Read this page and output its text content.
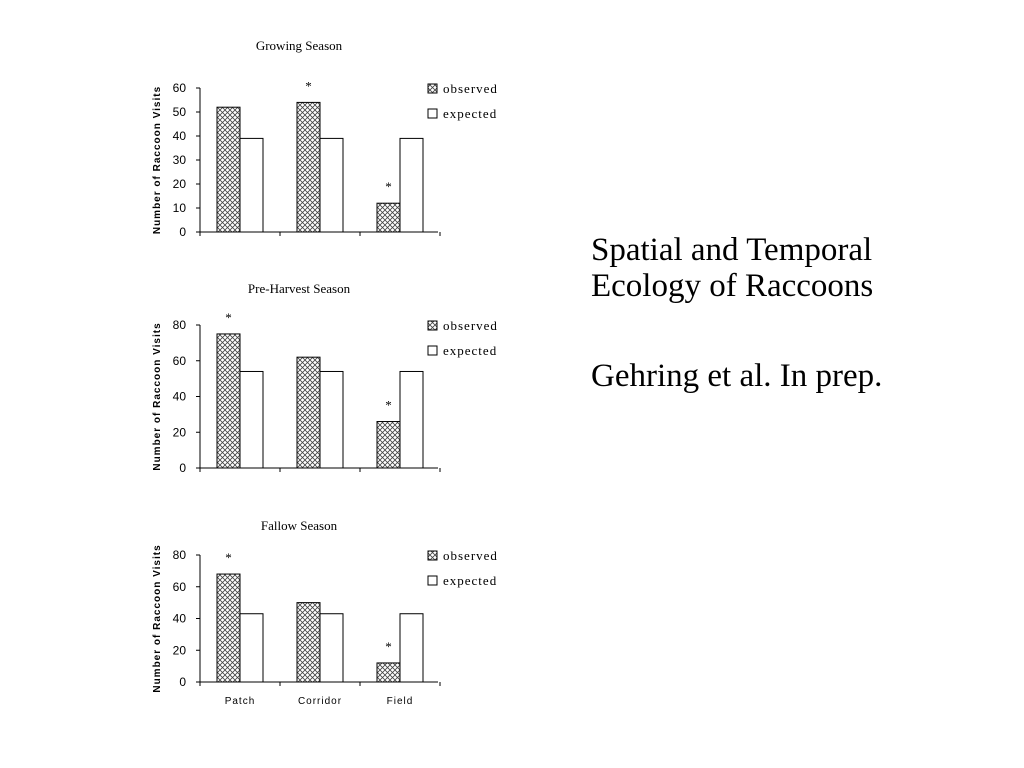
Growing Season
Number of Raccoon Visits 0
10
20
30
40
50
60	*
*
observed
expected
Pre-Harvest Season
Number of Raccoon Visits 0
20
40
60
80
*
*
observed
expected
Fallow Season
Number of Raccoon Visits 0
20
40
60
80	*
Patch	Corridor
*
Field
observed
expected
Spatial and Temporal
Ecology of Raccoons
Gehring et al. In prep.
